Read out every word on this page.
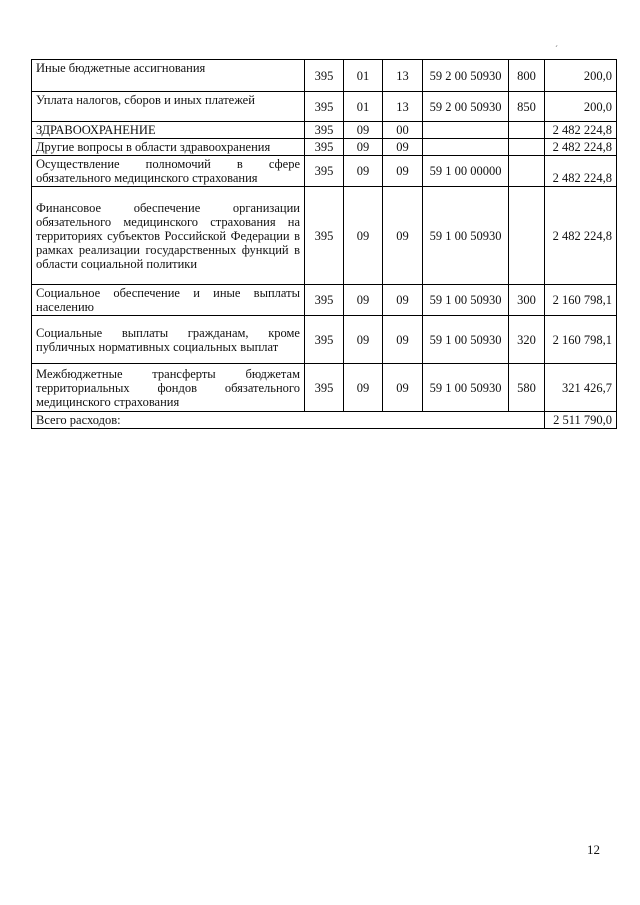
´
Иные бюджетные ассигнования	395	01	13	59 2 00 50930	800	200,0
Уплата налогов, сборов и иных платежей	395	01	13	59 2 00 50930	850	200,0
ЗДРАВООХРАНЕНИЕ	395	09	00			2 482 224,8
Другие вопросы в области здравоохранения	395	09	09			2 482 224,8
Осуществление полномочий в сфере обязательного медицинского страхования	395	09	09	59 1 00 00000		2 482 224,8
Финансовое обеспечение организации обязательного медицинского страхования на территориях субъектов Российской Федерации в рамках реализации государственных функций в области социальной политики	395	09	09	59 1 00 50930		2 482 224,8
Социальное обеспечение и иные выплаты населению	395	09	09	59 1 00 50930	300	2 160 798,1
Социальные выплаты гражданам, кроме публичных нормативных социальных выплат	395	09	09	59 1 00 50930	320	2 160 798,1
Межбюджетные трансферты бюджетам территориальных фондов обязательного медицинского страхования	395	09	09	59 1 00 50930	580	321 426,7
Всего расходов:						2 511 790,0
12
